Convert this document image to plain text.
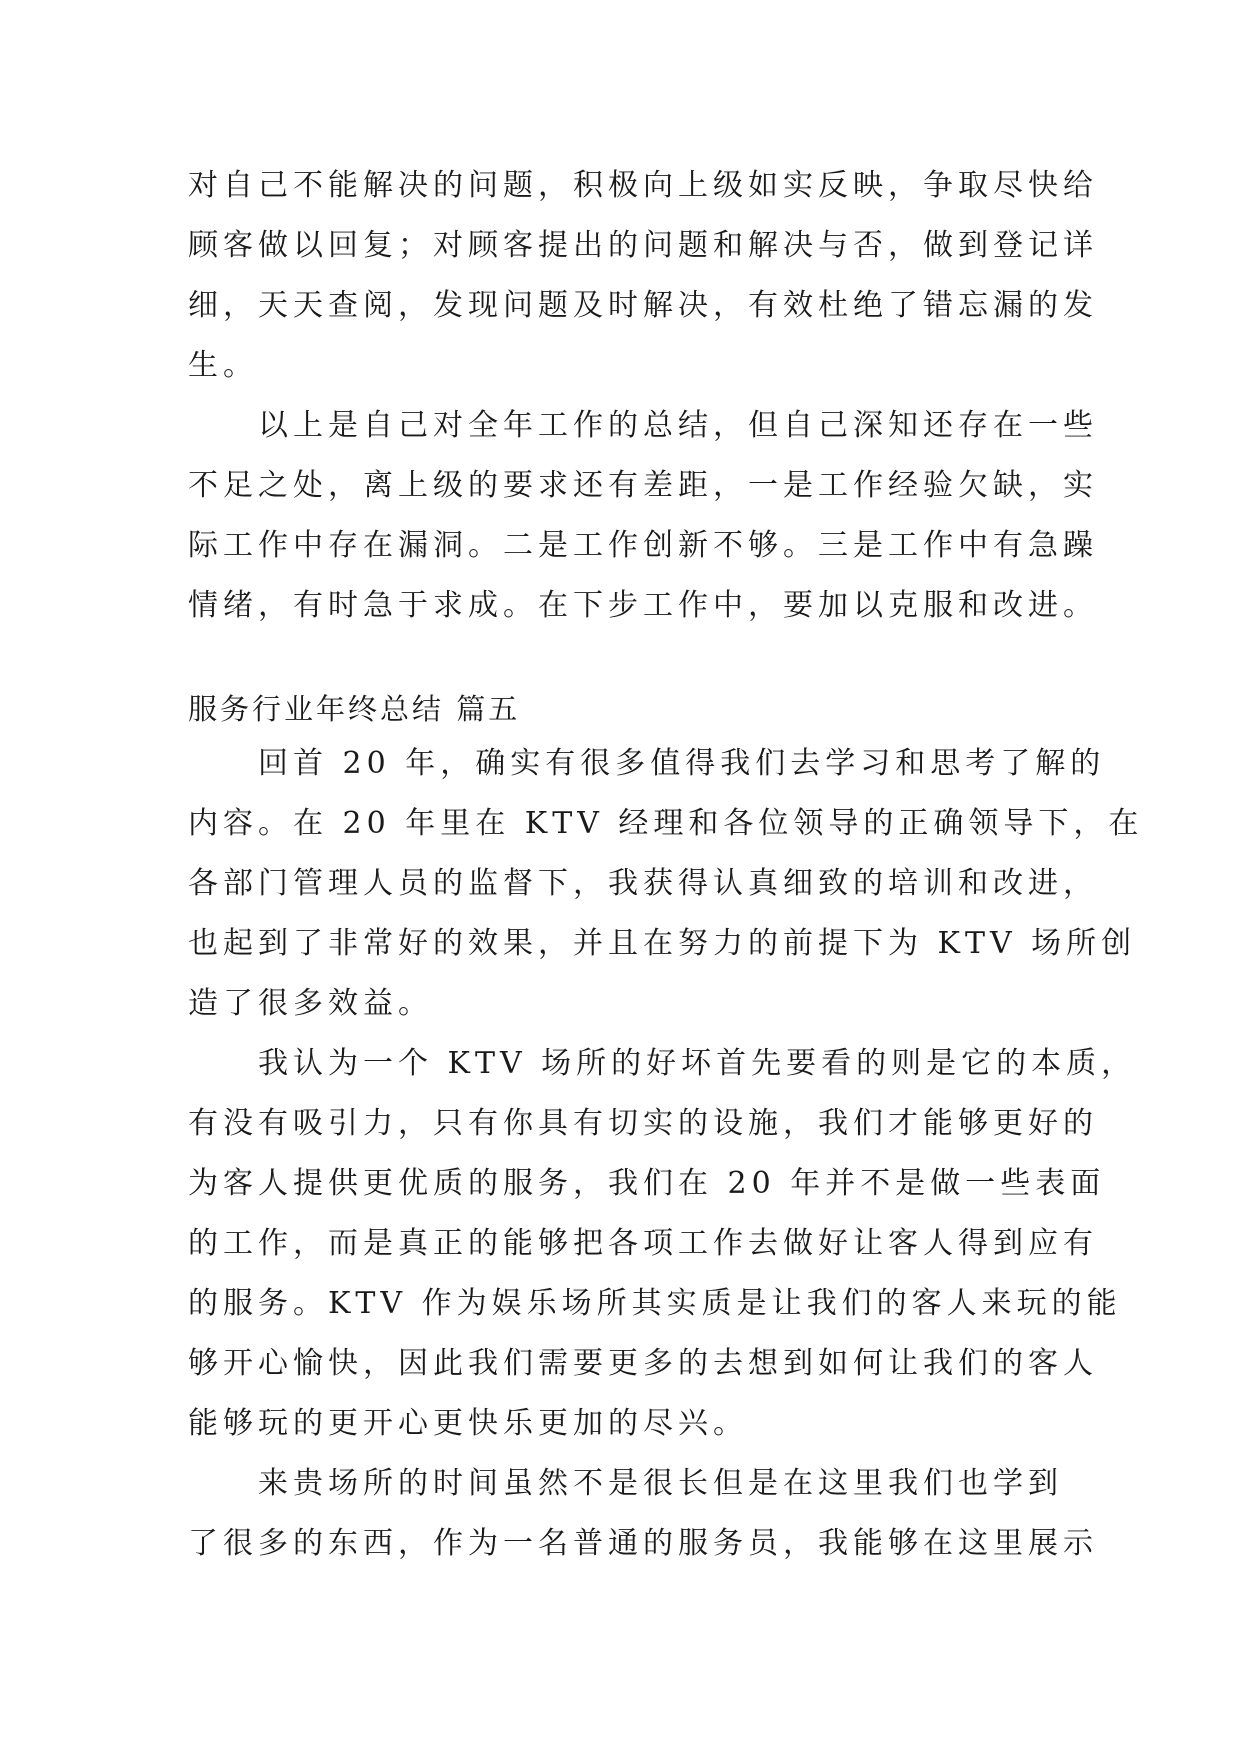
对自己不能解决的问题，积极向上级如实反映，争取尽快给
顾客做以回复；对顾客提出的问题和解决与否，做到登记详
细，天天查阅，发现问题及时解决，有效杜绝了错忘漏的发
生。
　　以上是自己对全年工作的总结，但自己深知还存在一些
不足之处，离上级的要求还有差距，一是工作经验欠缺，实
际工作中存在漏洞。二是工作创新不够。三是工作中有急躁
情绪，有时急于求成。在下步工作中，要加以克服和改进。
服务行业年终总结 篇五
　　回首 20 年，确实有很多值得我们去学习和思考了解的
内容。在 20 年里在 KTV 经理和各位领导的正确领导下，在
各部门管理人员的监督下，我获得认真细致的培训和改进，
也起到了非常好的效果，并且在努力的前提下为 KTV 场所创
造了很多效益。
　　我认为一个 KTV 场所的好坏首先要看的则是它的本质，
有没有吸引力，只有你具有切实的设施，我们才能够更好的
为客人提供更优质的服务，我们在 20 年并不是做一些表面
的工作，而是真正的能够把各项工作去做好让客人得到应有
的服务。KTV 作为娱乐场所其实质是让我们的客人来玩的能
够开心愉快，因此我们需要更多的去想到如何让我们的客人
能够玩的更开心更快乐更加的尽兴。
　　来贵场所的时间虽然不是很长但是在这里我们也学到
了很多的东西，作为一名普通的服务员，我能够在这里展示
